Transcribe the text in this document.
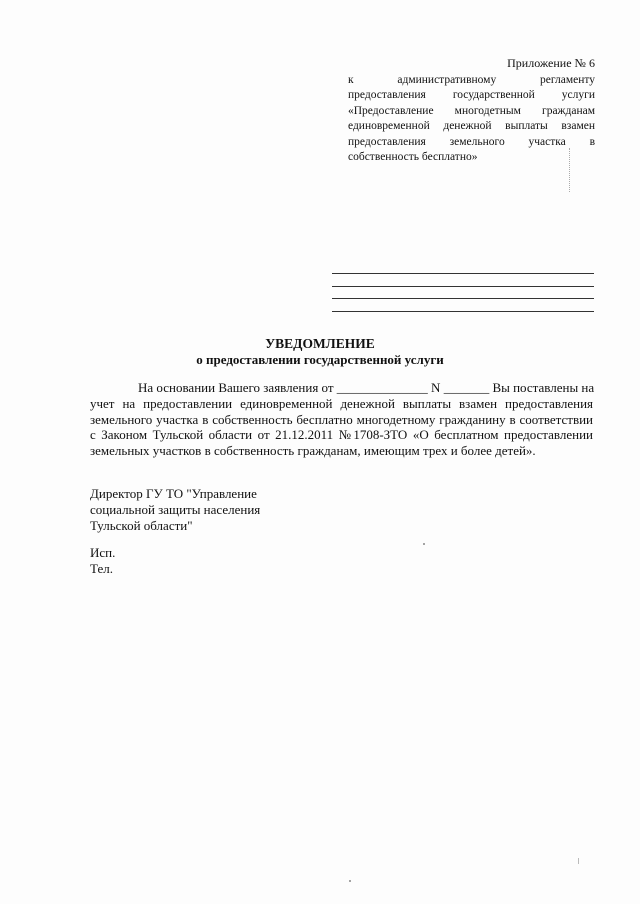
Приложение № 6
к административному регламенту
предоставления государственной услуги
«Предоставление многодетным гражданам
единовременной денежной выплаты взамен
предоставления земельного участка в
собственность бесплатно»
УВЕДОМЛЕНИЕ
о предоставлении государственной услуги
На основании Вашего заявления от ______________ N _______ Вы поставлены на
учет на предоставлении единовременной денежной выплаты взамен предоставления
земельного участка в собственность бесплатно многодетному гражданину в соответствии
с Законом Тульской области от 21.12.2011 №1708-ЗТО «О бесплатном предоставлении
земельных участков в собственность гражданам, имеющим трех и более детей».
Директор ГУ ТО "Управление
социальной защиты населения
Тульской области"
Исп.
Тел.
